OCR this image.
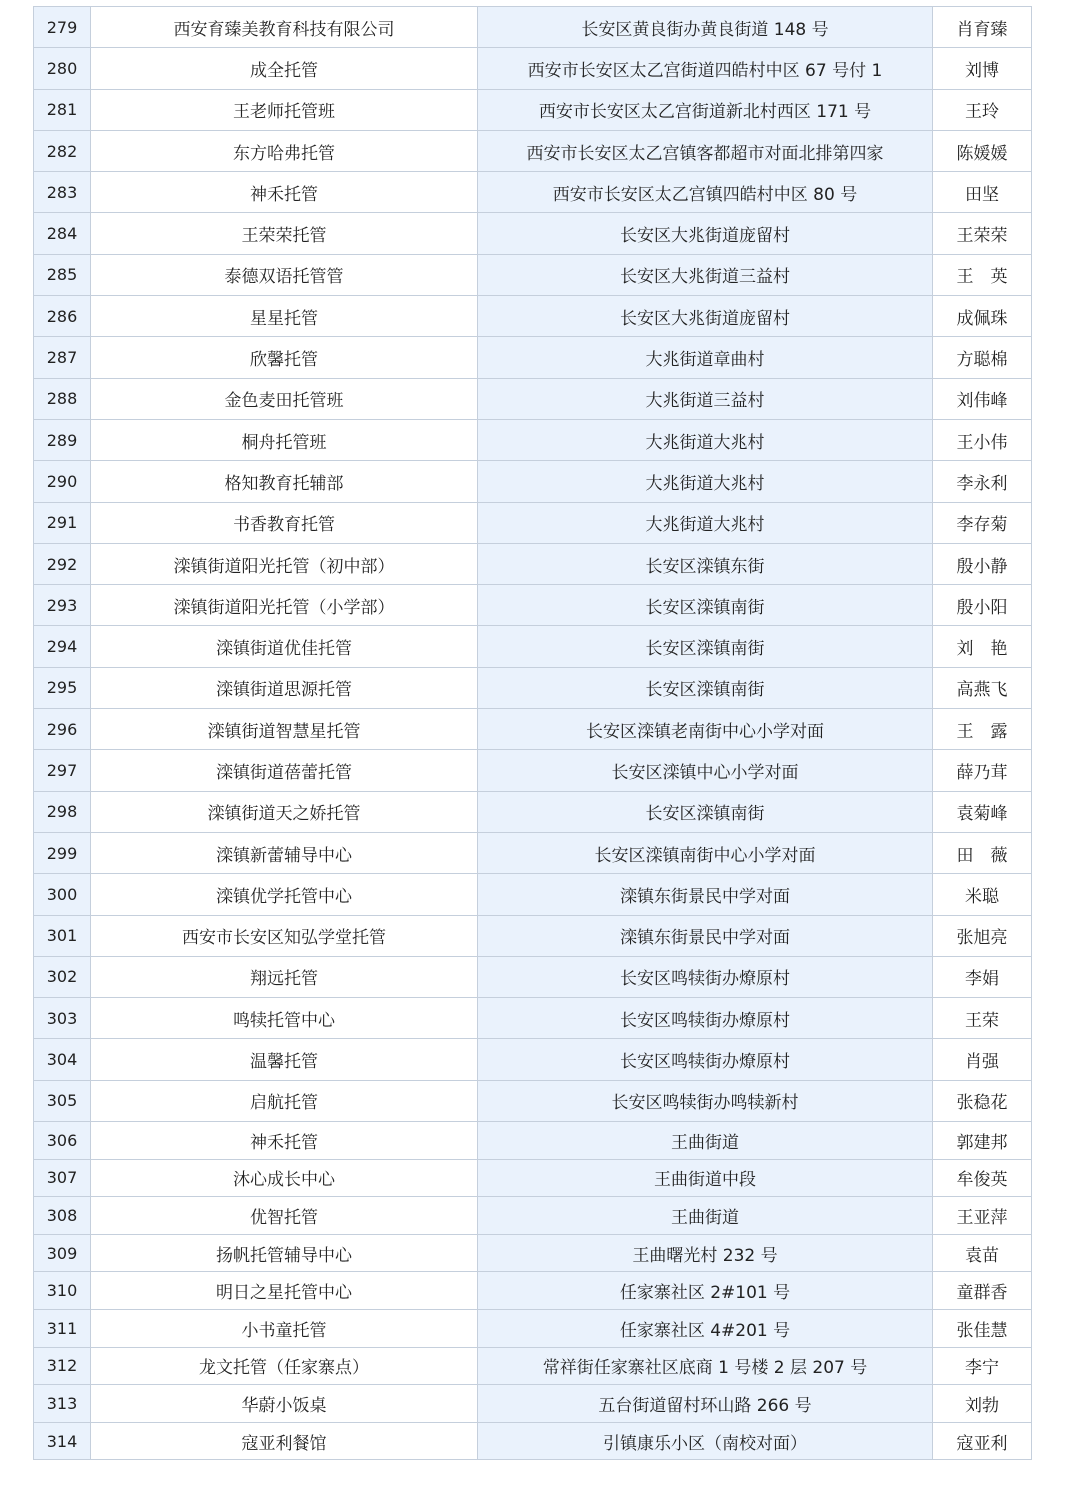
279	西安育臻美教育科技有限公司	长安区黄良街办黄良街道 148 号	肖育臻
280	成全托管	西安市长安区太乙宫街道四皓村中区 67 号付 1	刘博
281	王老师托管班	西安市长安区太乙宫街道新北村西区 171 号	王玲
282	东方哈弗托管	西安市长安区太乙宫镇客都超市对面北排第四家	陈媛媛
283	神禾托管	西安市长安区太乙宫镇四皓村中区 80 号	田坚
284	王荣荣托管	长安区大兆街道庞留村	王荣荣
285	泰德双语托管管	长安区大兆街道三益村	王　英
286	星星托管	长安区大兆街道庞留村	成佩珠
287	欣馨托管	大兆街道章曲村	方聪棉
288	金色麦田托管班	大兆街道三益村	刘伟峰
289	桐舟托管班	大兆街道大兆村	王小伟
290	格知教育托辅部	大兆街道大兆村	李永利
291	书香教育托管	大兆街道大兆村	李存菊
292	滦镇街道阳光托管（初中部）	长安区滦镇东街	殷小静
293	滦镇街道阳光托管（小学部）	长安区滦镇南街	殷小阳
294	滦镇街道优佳托管	长安区滦镇南街	刘　艳
295	滦镇街道思源托管	长安区滦镇南街	高燕飞
296	滦镇街道智慧星托管	长安区滦镇老南街中心小学对面	王　露
297	滦镇街道蓓蕾托管	长安区滦镇中心小学对面	薛乃茸
298	滦镇街道天之娇托管	长安区滦镇南街	袁菊峰
299	滦镇新蕾辅导中心	长安区滦镇南街中心小学对面	田　薇
300	滦镇优学托管中心	滦镇东街景民中学对面	米聪
301	西安市长安区知弘学堂托管	滦镇东街景民中学对面	张旭亮
302	翔远托管	长安区鸣犊街办燎原村	李娟
303	鸣犊托管中心	长安区鸣犊街办燎原村	王荣
304	温馨托管	长安区鸣犊街办燎原村	肖强
305	启航托管	长安区鸣犊街办鸣犊新村	张稳花
306	神禾托管	王曲街道	郭建邦
307	沐心成长中心	王曲街道中段	牟俊英
308	优智托管	王曲街道	王亚萍
309	扬帆托管辅导中心	王曲曙光村 232 号	袁苗
310	明日之星托管中心	任家寨社区 2#101 号	童群香
311	小书童托管	任家寨社区 4#201 号	张佳慧
312	龙文托管（任家寨点）	常祥街任家寨社区底商 1 号楼 2 层 207 号	李宁
313	华蔚小饭桌	五台街道留村环山路 266 号	刘勃
314	寇亚利餐馆	引镇康乐小区（南校对面）	寇亚利
